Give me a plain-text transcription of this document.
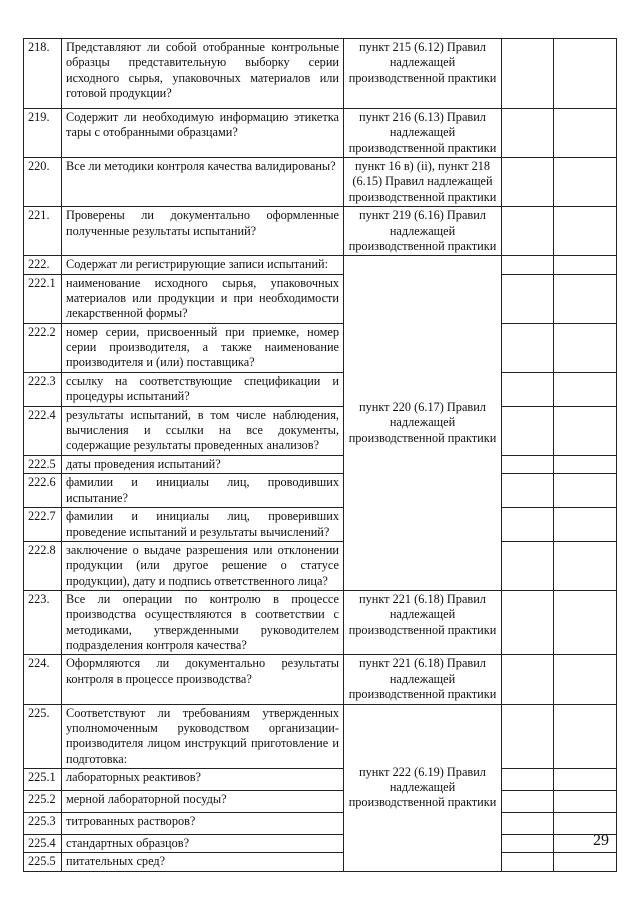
218.	Представляют ли собой отобранные контрольные образцы представительную выборку серии исходного сырья, упаковочных материалов или готовой продукции?	пункт 215 (6.12) Правил надлежащей производственной практики		
219.	Содержит ли необходимую информацию этикетка тары с отобранными образцами?	пункт 216 (6.13) Правил надлежащей производственной практики		
220.	Все ли методики контроля качества валидированы?	пункт 16 в) (ii), пункт 218 (6.15) Правил надлежащей производственной практики		
221.	Проверены ли документально оформленные полученные результаты испытаний?	пункт 219 (6.16) Правил надлежащей производственной практики		
222.	Содержат ли регистрирующие записи испытаний:	пункт 220 (6.17) Правил надлежащей производственной практики		
222.1	наименование исходного сырья, упаковочных материалов или продукции и при необходимости лекарственной формы?			
222.2	номер серии, присвоенный при приемке, номер серии производителя, а также наименование производителя и (или) поставщика?			
222.3	ссылку на соответствующие спецификации и процедуры испытаний?			
222.4	результаты испытаний, в том числе наблюдения, вычисления и ссылки на все документы, содержащие результаты проведенных анализов?			
222.5	даты проведения испытаний?			
222.6	фамилии и инициалы лиц, проводивших испытание?			
222.7	фамилии и инициалы лиц, проверивших проведение испытаний и результаты вычислений?			
222.8	заключение о выдаче разрешения или отклонении продукции (или другое решение о статусе продукции), дату и подпись ответственного лица?			
223.	Все ли операции по контролю в процессе производства осуществляются в соответствии с методиками, утвержденными руководителем подразделения контроля качества?	пункт 221 (6.18) Правил надлежащей производственной практики		
224.	Оформляются ли документально результаты контроля в процессе производства?	пункт 221 (6.18) Правил надлежащей производственной практики		
225.	Соответствуют ли требованиям утвержденных уполномоченным руководством организации-производителя лицом инструкций приготовление и подготовка:	пункт 222 (6.19) Правил надлежащей производственной практики		
225.1	лабораторных реактивов?			
225.2	мерной лабораторной посуды?			
225.3	титрованных растворов?			
225.4	стандартных образцов?			
225.5	питательных сред?			
29
